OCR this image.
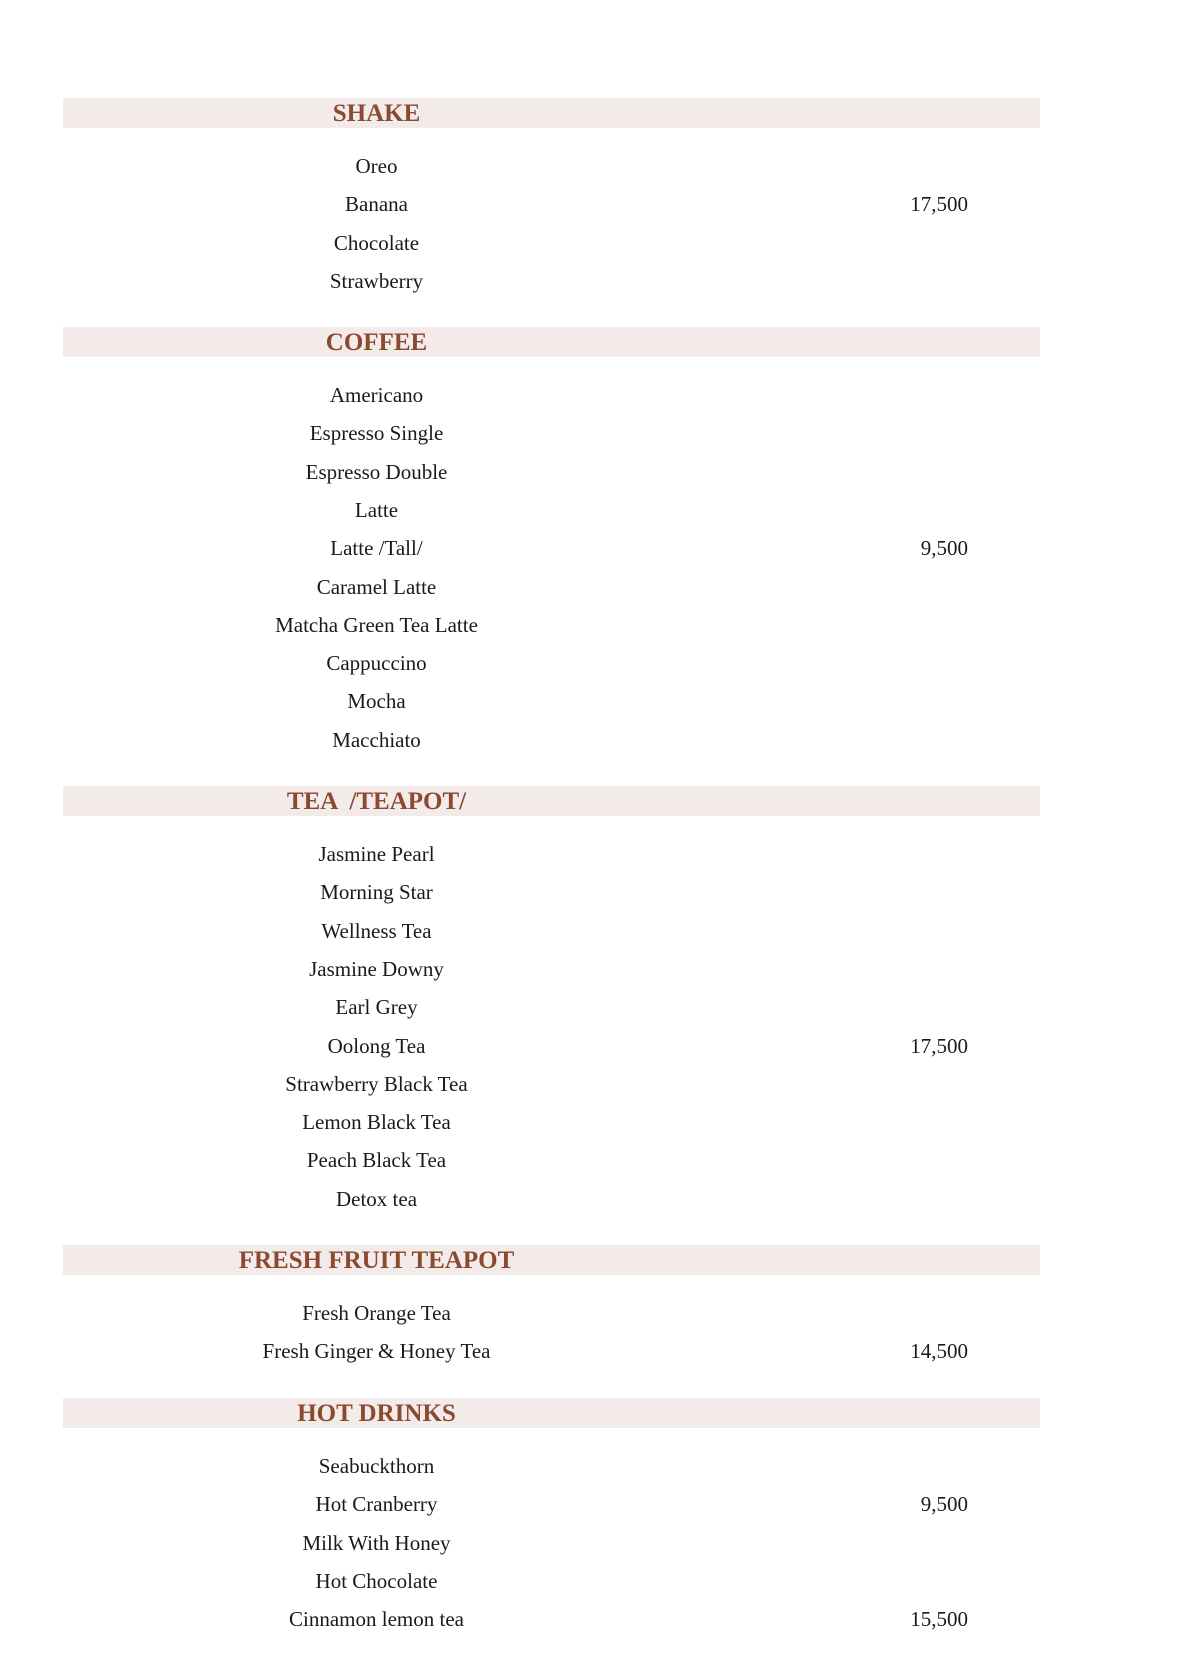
SHAKE
Oreo
Banana
Chocolate
Strawberry
17,500
COFFEE
Americano
Espresso Single
Espresso Double
Latte
Latte /Tall/
Caramel Latte
Matcha Green Tea Latte
Cappuccino
Mocha
Macchiato
9,500
TEA  /TEAPOT/
Jasmine Pearl
Morning Star
Wellness Tea
Jasmine Downy
Earl Grey
Oolong Tea
Strawberry Black Tea
Lemon Black Tea
Peach Black Tea
Detox tea
17,500
FRESH FRUIT TEAPOT
Fresh Orange Tea
Fresh Ginger & Honey Tea	14,500
HOT DRINKS
Seabuckthorn
Hot Cranberry
Milk With Honey
Hot Chocolate
Cinnamon lemon tea
9,500
15,500
